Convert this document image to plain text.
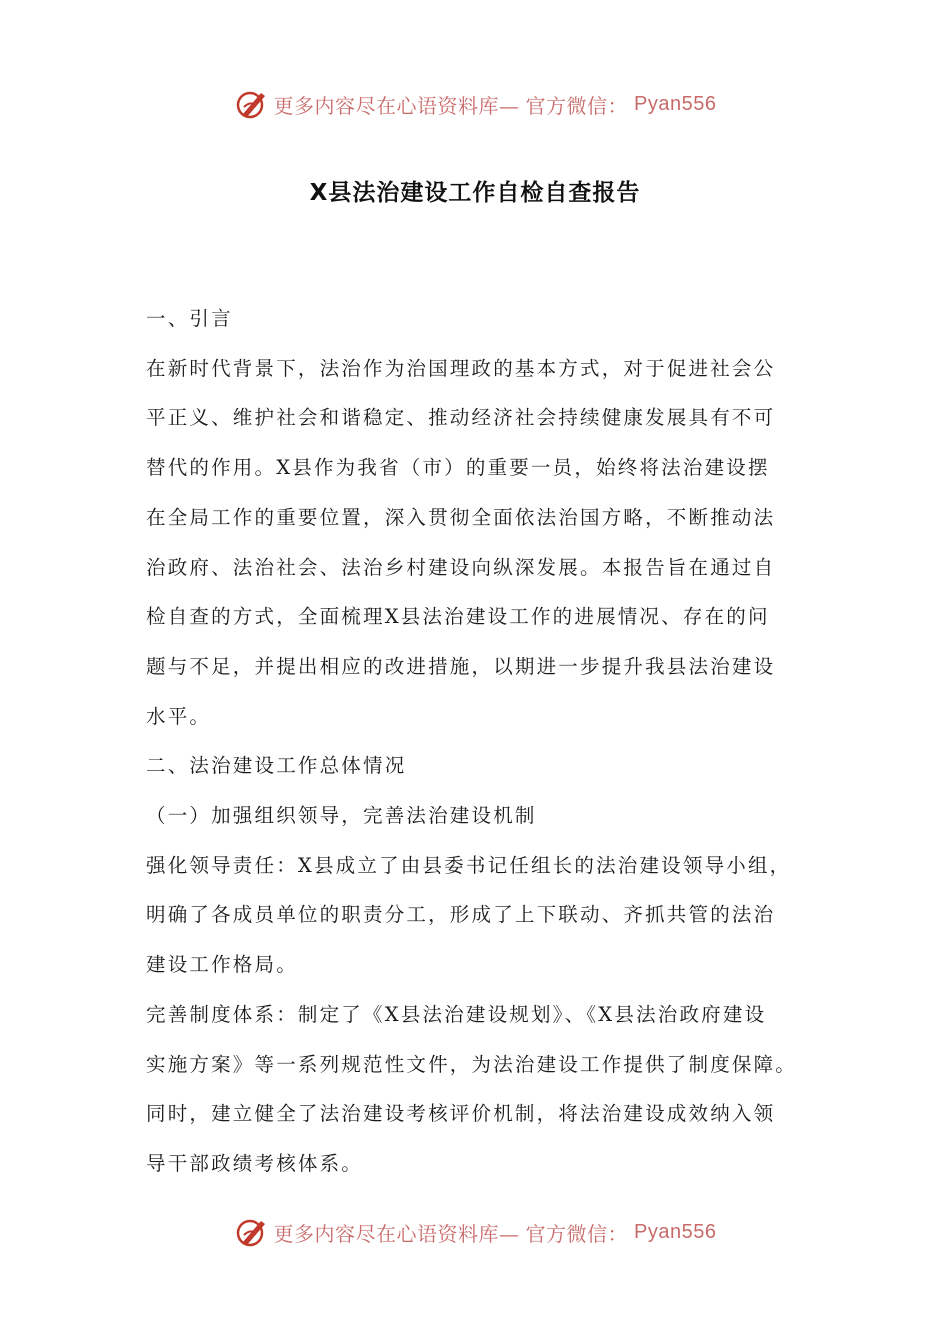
更多内容尽在心语资料库— 官方微信： Pyan556
X县法治建设工作自检自查报告

一、引言

在新时代背景下，法治作为治国理政的基本方式，对于促进社会公

平正义、维护社会和谐稳定、推动经济社会持续健康发展具有不可

替代的作用。X县作为我省（市）的重要一员，始终将法治建设摆

在全局工作的重要位置，深入贯彻全面依法治国方略，不断推动法

治政府、法治社会、法治乡村建设向纵深发展。本报告旨在通过自

检自查的方式，全面梳理X县法治建设工作的进展情况、存在的问

题与不足，并提出相应的改进措施，以期进一步提升我县法治建设

水平。

二、法治建设工作总体情况

（一）加强组织领导，完善法治建设机制

强化领导责任：X县成立了由县委书记任组长的法治建设领导小组，

明确了各成员单位的职责分工，形成了上下联动、齐抓共管的法治

建设工作格局。

完善制度体系：制定了《X县法治建设规划》、《X县法治政府建设

实施方案》等一系列规范性文件，为法治建设工作提供了制度保障。

同时，建立健全了法治建设考核评价机制，将法治建设成效纳入领

导干部政绩考核体系。

更多内容尽在心语资料库— 官方微信： Pyan556
